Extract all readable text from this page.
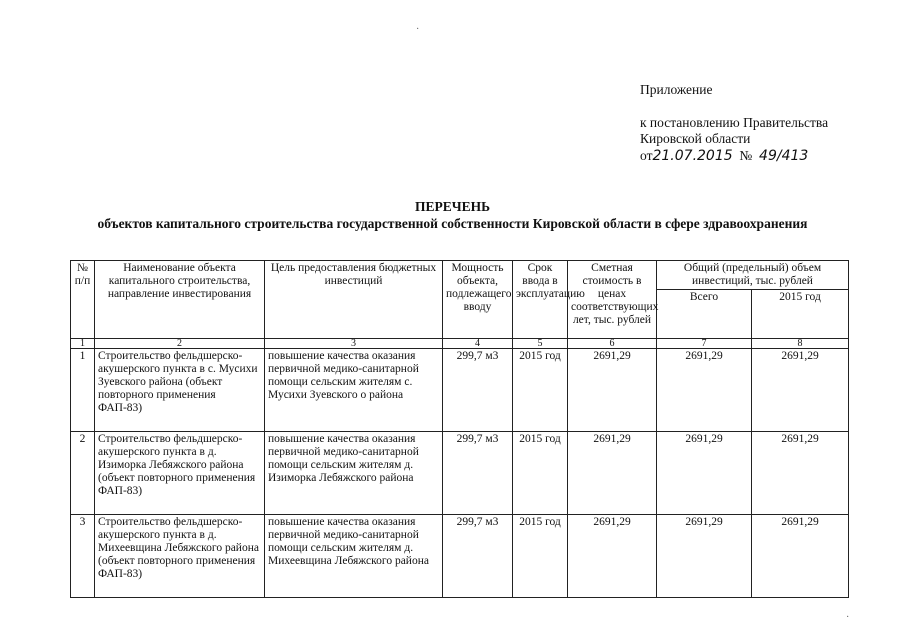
Приложение
к постановлению Правительства
Кировской области
от21.07.2015 № 49/413
ПЕРЕЧЕНЬ
объектов капитального строительства государственной собственности Кировской области в сфере здравоохранения
№ п/п	Наименование объекта капитального строительства, направление инвестирования	Цель предоставления бюджетных инвестиций	Мощность объекта, подлежащего вводу	Срок ввода в эксплуатацию	Сметная стоимость в ценах соответствующих лет, тыс. рублей	Общий (предельный) объем инвестиций, тыс. рублей	
						Всего	2015 год
1	2	3	4	5	6	7	8
1	Строительство фельдшерско-акушерского пункта в с. Мусихи Зуевского района (объект повторного применения ФАП-83)	повышение качества оказания первичной медико-санитарной помощи сельским жителям с. Мусихи Зуевского о района	299,7 м3	2015 год	2691,29	2691,29	2691,29
2	Строительство фельдшерско-акушерского пункта в д. Изиморка Лебяжского района (объект повторного применения ФАП-83)	повышение качества оказания первичной медико-санитарной помощи сельским жителям д. Изиморка Лебяжского района	299,7 м3	2015 год	2691,29	2691,29	2691,29
3	Строительство фельдшерско-акушерского пункта в д. Михеевщина Лебяжского района (объект повторного применения ФАП-83)	повышение качества оказания первичной медико-санитарной помощи сельским жителям д. Михеевщина Лебяжского района	299,7 м3	2015 год	2691,29	2691,29	2691,29
·
·
